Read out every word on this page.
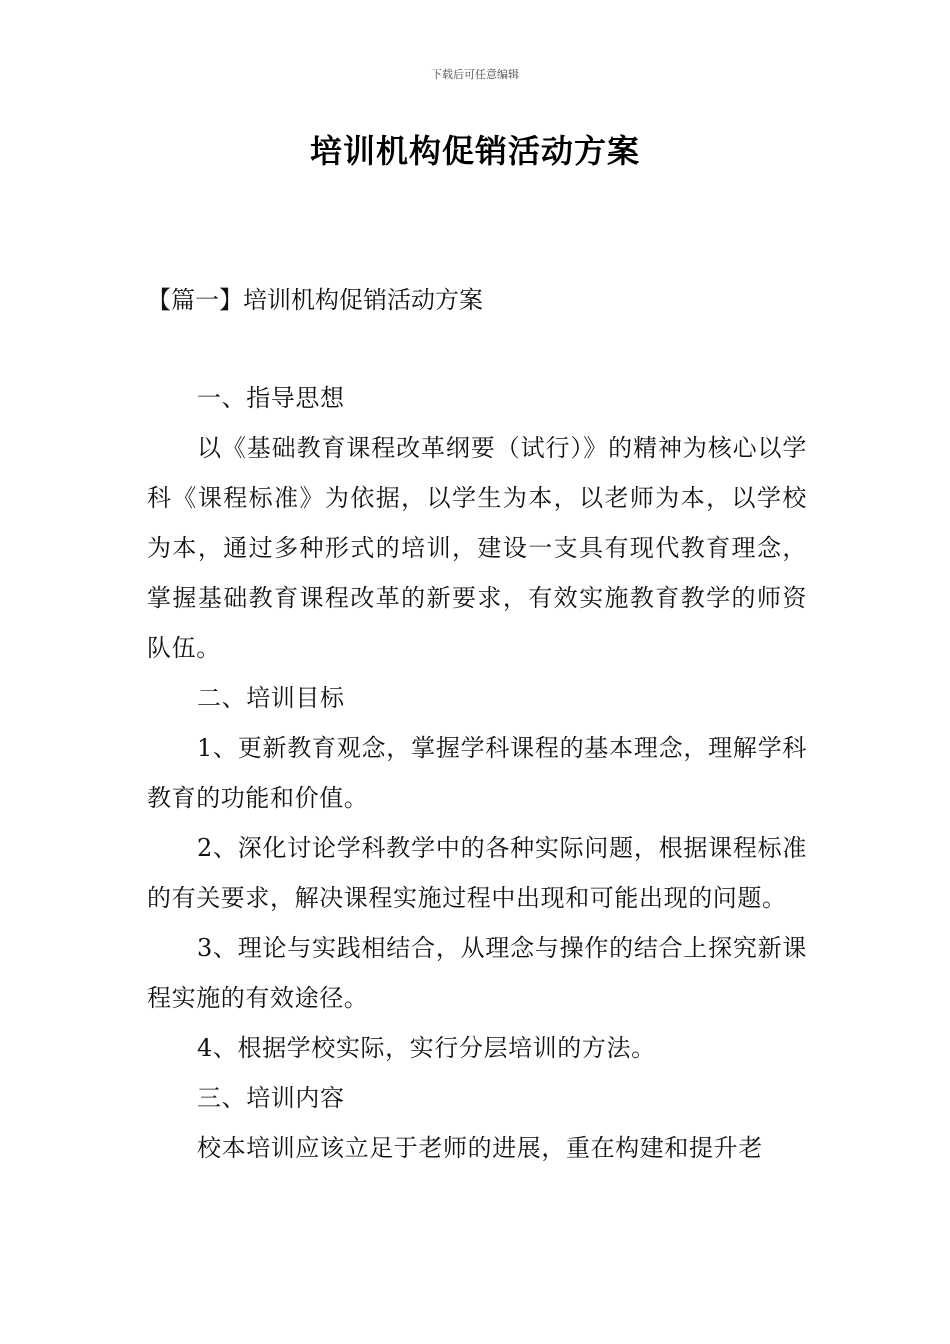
下载后可任意编辑
培训机构促销活动方案
【篇一】培训机构促销活动方案

一、指导思想

以《基础教育课程改革纲要（试行）》的精神为核心以学科《课程标准》为依据，以学生为本，以老师为本，以学校为本，通过多种形式的培训，建设一支具有现代教育理念，掌握基础教育课程改革的新要求，有效实施教育教学的师资队伍。

二、培训目标

1、更新教育观念，掌握学科课程的基本理念，理解学科教育的功能和价值。

2、深化讨论学科教学中的各种实际问题，根据课程标准的有关要求，解决课程实施过程中出现和可能出现的问题。

3、理论与实践相结合，从理念与操作的结合上探究新课程实施的有效途径。

4、根据学校实际，实行分层培训的方法。

三、培训内容

校本培训应该立足于老师的进展，重在构建和提升老
